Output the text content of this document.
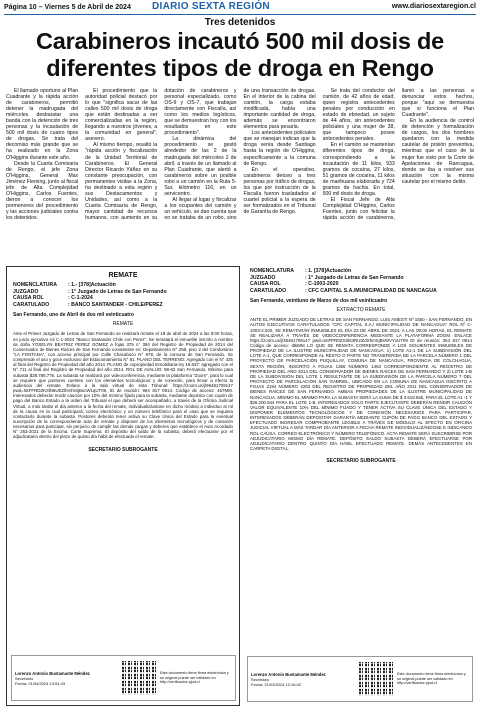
Página 10 – Viernes 5 de Abril de 2024 DIARIO SEXTA REGIÓN	www.diariosextaregion.cl
Tres detenidos
Carabineros incautó 500 mil dosis de diferentes tipos de droga en Rengo

El llamado oportuno al Plan Cuadrante y la rápida acción de carabineros, permitió detener la madrugada del miércoles desbaratar una banda con la detención de tres personas y la incautación de 500 mil dosis de cuatro tipos de drogas. Se trata del decomiso más grande que se ha realizado en la Zona O'Higgins durante este año.

Desde la Cuarta Comisaría de Rengo, el jefe Zona O'Higgins, General Max Jiménez Fleming, junto al fiscal jefe de Alta Complejidad O'Higgins, Carlos Fuentes, dieron a conocer los pormenores del procedimiento y las acciones judiciales contra los detenidos.

El procedimiento que la autoridad policial destacó por lo que "significa sacar de las calles 500 mil dosis de droga que están destinadas a ser comercializadas en la región, llegando a nuestros jóvenes, a la comunidad en general", asevero.

Al mismo tiempo, resaltó la "rápida acción y fiscalización de la Unidad Territorial de Carabineros. El General Director Ricardo Yáñez en su constante preocupación, con permanentes visitas a la Zona, ha destinado a esta región y sus Destacamentos y Unidades, así como a la Cuarta Comisaría de Rengo, mayor cantidad de recursos humanos, con aumento en su dotación de carabineros y personal especializado, como OS-9 y OS-7, que trabajan directamente con Fiscalía, así como los medios logísticos, que se demuestran hoy con los resultados en este procedimiento".

La dinámica del procedimiento se gestó alrededor de las 2 de la madrugada del miércoles 2 de abril, a través de un llamado al Plan Cuadrante, que alertó a carabineros sobre un posible robo a un camión en la Ruta 5-Sur, kilómetro 116, en un servicentro.

Al llegar al lugar y fiscalizar a los ocupantes del camión y un vehículo, se dan cuenta que no se trataba de un robo, sino de una transacción de drogas. En el interior de la cabina del camión, la carga estaba modificada, había una importante cantidad de droga, además se encontraron elementos para pesarla.

Los antecedentes policiales que se manejan indican que la droga venía desde Santiago hasta la región de O'Higgins, específicamente a la comuna de Rengo.

En el operativo, carabineros detuvo a tres personas por tráfico de drogas, los que por instrucción de la Fiscalía fueron trasladados al cuartel policial a la espera de ser formalizados en el Tribunal de Garantía de Rengo.

Se trata del conductor del camión, de 42 años de edad, quien registra antecedentes penales por conducción en estado de ebriedad, un sujeto de 44 años, sin antecedentes policiales y una mujer de 38, que tampoco posee antecedentes penales.

En el camión se mantenían diferentes tipos de droga, correspondiendo a la incautación de 11 kilos, 933 gramos de cocaína, 27 kilos, 51 gramos de cocaína, 11 kilos de marihuana elaborada y 724 gramos de hachis. En total, 500 mil dosis de droga.

El Fiscal Jefe de Alta Complejidad O'Higgins, Carlos Fuentes, junto con felicitar la rápida acción de carabineros, llamó a las personas a denunciar estos hechos, porque "aquí se demuestra que si funciona el Plan Cuadrante".

En la audiencia de control de detención y formalización de cargos, los dos hombres quedaron con la medida cautelar de prisión preventiva, mientras que el caso de la mujer fue visto por la Corte de Apelaciones de Rancagua, donde se iba a resolver sus situación con la misma cautelar por el mismo delito.

REMATE
NOMENCLATURA	: 1.- [378]Actuación
JUZGADO	: 1° Juzgado de Letras de San Fernando
CAUSA ROL	: C-1-2024
CARATULADO	: BANCO SANTANDER - CHILE/PEREZ
San Fernando, uno de Abril de dos mil veinticuatro
REMATE
Ante el Primer Juzgado de Letras de San Fernando se realizará remate el 18 de abril de 2024 a las 9:00 horas, en juicio ejecutivo rol C-1-2024 "Banco Santander Chile con Perez". Se rematará el inmueble inscrito a nombre de doña YOSELYN BEATRIZ PEREZ GÓMEZ a fojas 375 n° 394 del Registro de Propiedad de 2014 del Conservador de Bienes Raíces de San Fernando consistente en: Departamento N° 258, piso 2 del Condominio "LA FONTANA", con acceso principal por Calle Chacabuco N° 878, de la comuna de San Fernando. Se comprende el uso y goce exclusivo del Estacionamiento N° 81. PLANO DEL TERRENO: Agregado con el N° 425 al final del Registro de Propiedad del año 2014. PLANO de copropiedad inmobiliaria ley 19.537: agregado con el N° 711 al final del Registro de Propiedad del año 2014. ROL DE AVALÚO: 98-62 San Fernando. Mínimo para subasta $38.786.776. La subasta se realizará por videoconferencia, mediante la plataforma "Zoom", para lo cual se requiere que postores cuenten con los elementos tecnológicos y de conexión, para llevar a efecto la audiencia del remate. Enlace a la sala virtual de esta Tribunal: https://zoom.us/j/96481709147 pwd=SkFFRDZKSlhBUEZlbVlmSjBxcW1qUT09. ID de reunión: 964 817 0914. Código de acceso: 467MM. Interesados deberán rendir caución por 10% del mínimo fijado para la subasta, mediante depósito con cupón de pago del Banco Estado a la orden del Tribunal el que deberá ser acompañado, a través de la Oficina Judicial Virtual, a más tardar el día anterior a la fecha del remate, individualizándose en dicho módulo a individuo al rol de la causa en la cual participará; correo electrónico y un número telefónico para el caso que se requiera contactarlo durante la subasta. Postores deberán tener activa su Clave Única del Estado para la eventual suscripción de la correspondiente acta de remate y disponer de los elementos tecnológicos y de conexión necesarios para participar, sin perjuicio de cumplir las demás cargas y deberes que establece el Auto Acordado N° 263-2021 de la Excma. Corte Suprema. El depósito del saldo de la subasta, deberá efectuarse por el adjudicatario dentro del plazo de quinto día hábil de efectuado el remate.
SECRETARIO SUBROGANTE
Lorenzo Antonio Bustamante Méndez
Secretario
Fecha: 01/04/2024 13:04:43
Este documento tiene firma electrónica y su original puede ser validado en http://verificadoc.pjud.cl
NOMENCLATURA	: 1. [378]Actuación
JUZGADO	: 1° Juzgado de Letras de San Fernando
CAUSA ROL	: C-1003-2020
CARATULADO	: CFC CAPITAL S.A./MUNICIPALIDAD DE NANCAGUA
San Fernando, veintiuno de Marzo de dos mil veinticuatro
EXTRACTO REMATE
ANTE EL PRIMER JUZGADO DE LETRAS DE SAN FERNANDO, LUIS AMESTI Nº 1550 - SAN FERNANDO, EN AUTOS EJECUTIVOS CARATULADOS "CFC CAPITAL S.A./ MUNICIPALIDAD DE NANCAGUA" ROL Nº C-1003-2.020, SE REMATARÁN INMUEBLES EL DÍA 23 DE ABRIL DE 2024, A LAS 09:00 HORAS, EL REMATE SE REALIZARÁ A TRAVÉS DE VIDEOCONFERENCIA MEDIANTE LA PLATAFORMA ZOOM. ENLACE https://zoom.us/j/3548170914? pwd=SnFPR0ZXSkt4RUtZdXhmSjBsWVYxUT09 ID de reunión: 354 817 0914 Código de acceso: dtkMM LO QUE SE REMATA CORRESPONDE A LOS SIGUIENTES INMUEBLES DE PROPIEDAD DE LA ILUSTRE MUNICIPALIDAD DE NANCAGUA: 1) LOTE A1-1 DE LA SUBDIVISIÓN DEL LOTE A-1, QUE CORRESPONDE AL RESTO O PARTE NO TRANSFERIDA DE LA PARCELA NÚMERO 1 DEL PROYECTO DE PARCELACIÓN PUQUILLAY, COMUNA DE NANCAGUA, PROVINCIA DE COLCHAGUA, SEXTA REGIÓN, INSCRITO A FOJAS 1386 NÚMERO 1463 CORRESPONDIENTE AL REGISTRO DE PROPIEDAD DEL AÑO 2014 DEL CONSERVADOR DE BIENES RAÍCES DE SAN FERNANDO Y 2) LOTE 1-B DE LA SUBDIVISIÓN DEL LOTE 1 RESULTANTE DE LA SUBDIVISIÓN DE LA PARCELA NÚMERO 7 DEL PROYECTO DE PARCELACIÓN SAN GABRIEL, UBICADO EN LA COMUNA DE NANCAGUA INSCRITO A FOJAS 2194 NÚMERO 2263 DEL REGISTRO DE PROPIEDAD DEL AÑO 2011 DEL CONSERVADOR DE BIENES RAÍCES DE SAN FERNANDO. AMBAS PROPIEDADES DE LA ILUSTRE MUNICIPALIDAD DE NANCAGUA. MÍNIMO EL MÍNIMO PARA LA SUBASTA SERÁ LA SUMA DE $ 3.618.555, PARA EL LOTE A1 -1 Y $26.200.944 PARA EL LOTE 1-B. INTERESADOS SOLO PARTE EJECUTANTE DEBERÁN RENDIR CAUCIÓN VALOR EQUIVALENTE 10% DEL MÍNIMO FIJADO Y TENER ACTIVA SU CLAVE ÚNICA DEL ESTADO Y DISPONER ELEMENTOS TECNOLÓGICOS Y DE CONEXIÓN NECESARIOS PARA PARTICIPAR. INTERESADOS DEBERÁN DEPOSITAR GARANTÍA MEDIANTE CUPÓN DE PAGO BANCO DEL ESTADO Y EFECTUADO INGRESAR COMPROBANTE LEGIBLE A TRAVÉS DE MÓDULO AL EFECTO EN OFICINA JUDICIAL VIRTUAL A MÁS TARDAR DÍA ANTERIOR A FECHA REMATE INDIVIDUALIZÁNDOSE E INDICANDO ROL CAUSA, CORREO ELECTRÓNICO Y NÚMERO TELEFÓNICO. ACTA REMATE SERÁ SUSCRIBIRSE POR ADJUDICATARIO MISMO DÍA REMATE. DEPÓSITO SALDO SUBASTA DEBERÁ EFECTUARSE POR ADJUDICATARIO DENTRO QUINTO DÍA HÁBIL EFECTUADO REMATE. DEMÁS ANTECEDENTES EN CARPETA DIGITAL.
SECRETARIO SUBROGANTE
Lorenzo Antonio Bustamante Méndez
Secretario
Fecha: 21/03/2024 12:16:02
Este documento tiene firma electrónica y su original puede ser validado en http://verificadoc.pjud.cl
